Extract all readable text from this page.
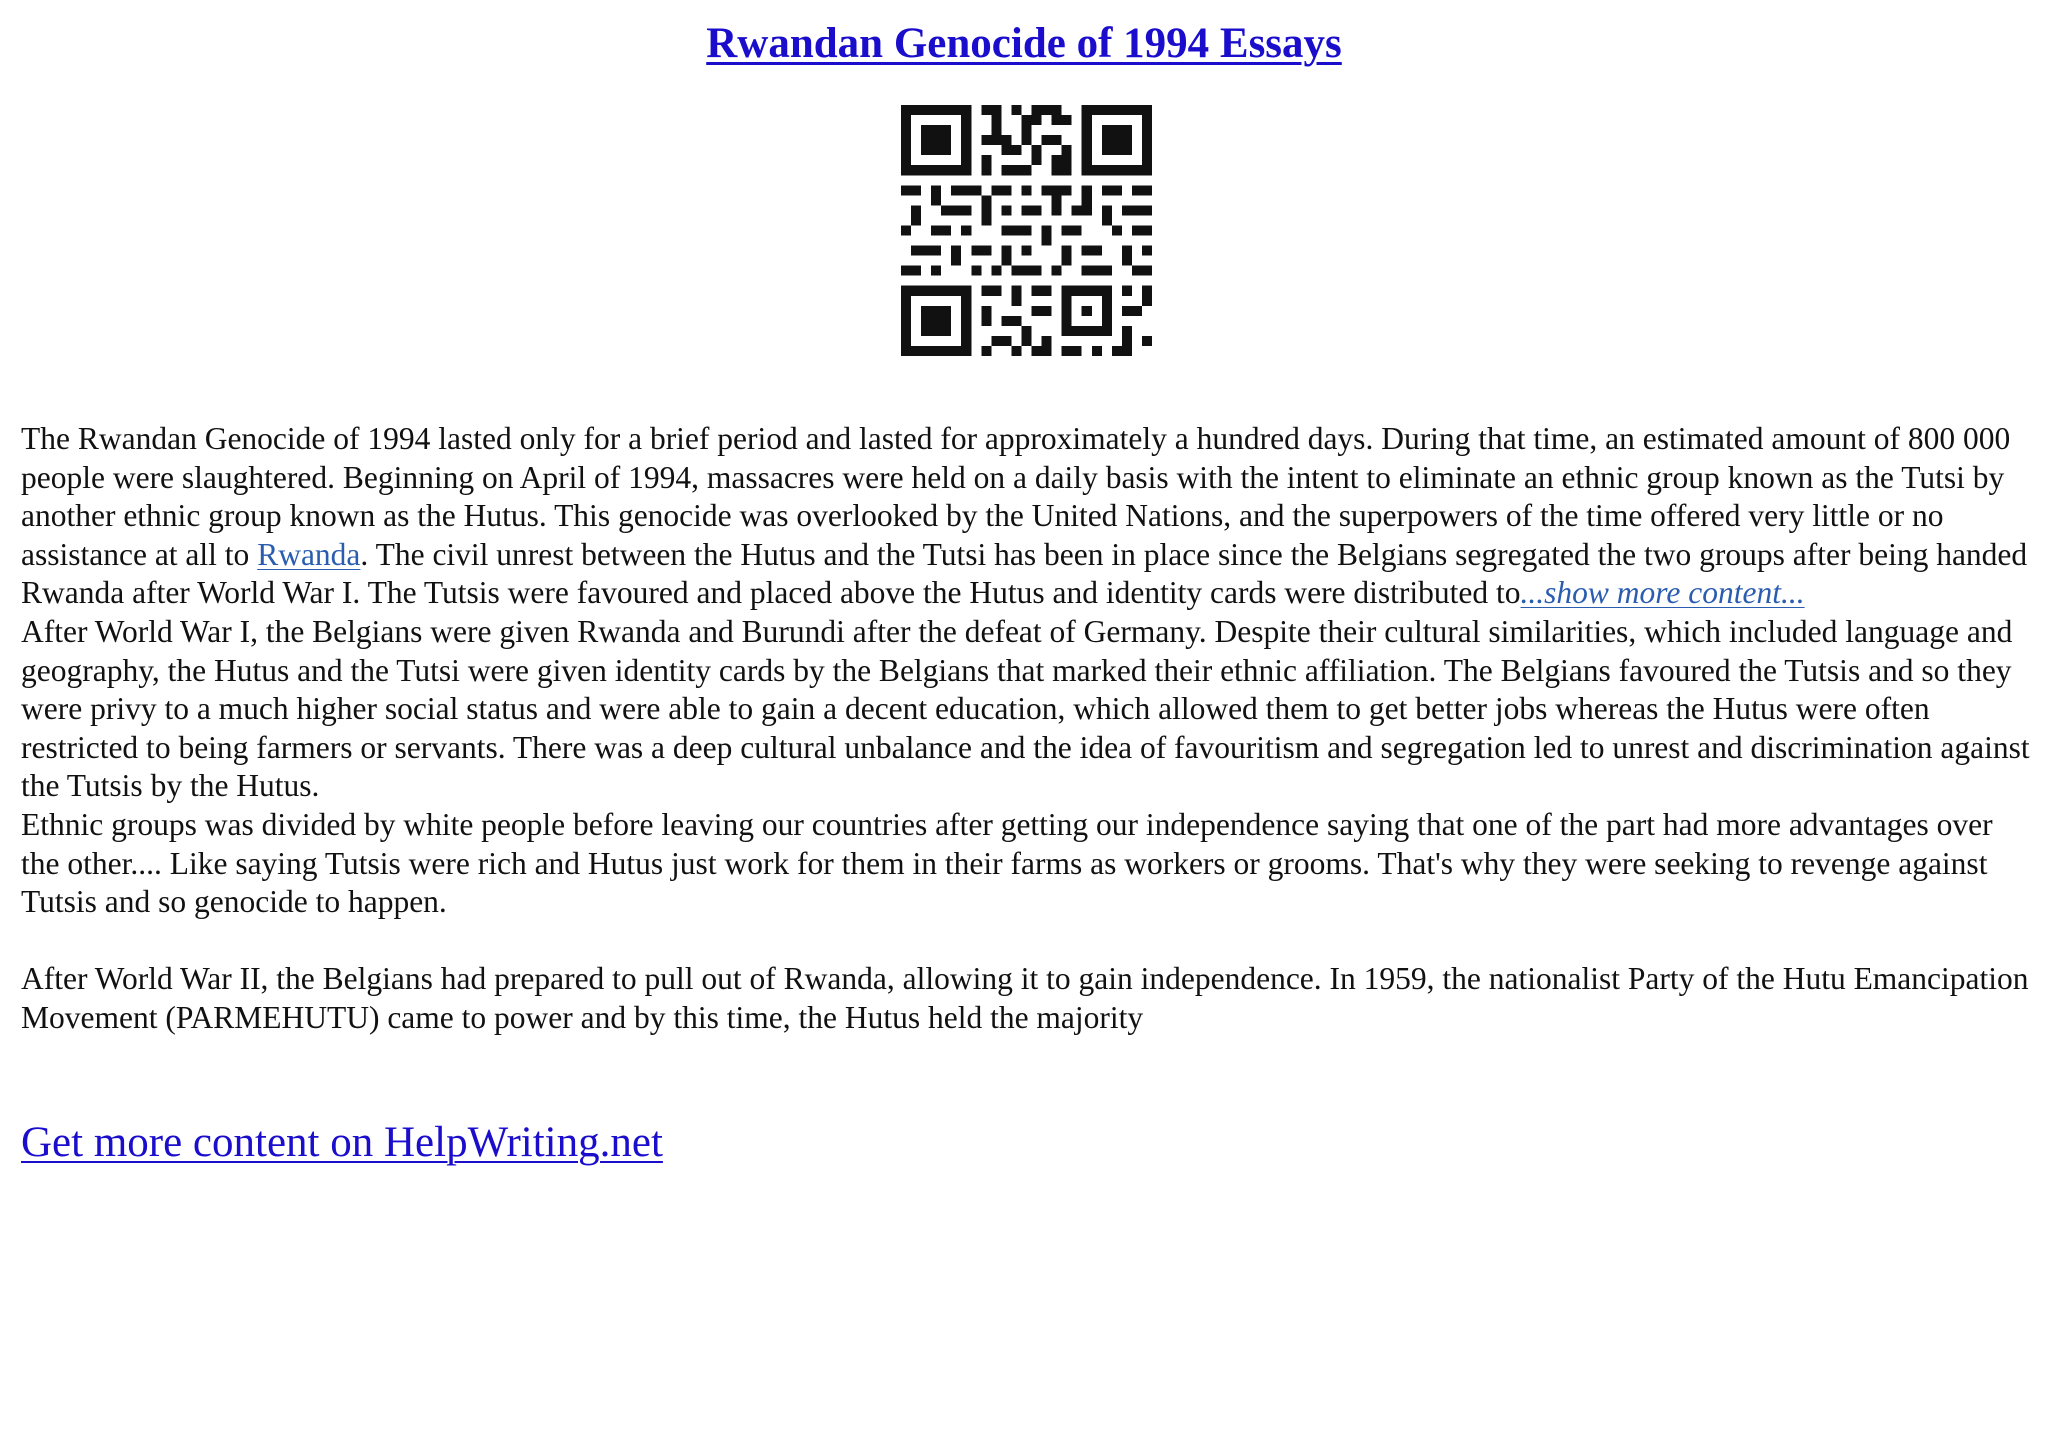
Rwandan Genocide of 1994 Essays

The Rwandan Genocide of 1994 lasted only for a brief period and lasted for approximately a hundred days. During that time, an estimated amount of 800 000 people were slaughtered. Beginning on April of 1994, massacres were held on a daily basis with the intent to eliminate an ethnic group known as the Tutsi by another ethnic group known as the Hutus. This genocide was overlooked by the United Nations, and the superpowers of the time offered very little or no assistance at all to Rwanda. The civil unrest between the Hutus and the Tutsi has been in place since the Belgians segregated the two groups after being handed Rwanda after World War I. The Tutsis were favoured and placed above the Hutus and identity cards were distributed to...show more content...

After World War I, the Belgians were given Rwanda and Burundi after the defeat of Germany. Despite their cultural similarities, which included language and geography, the Hutus and the Tutsi were given identity cards by the Belgians that marked their ethnic affiliation. The Belgians favoured the Tutsis and so they were privy to a much higher social status and were able to gain a decent education, which allowed them to get better jobs whereas the Hutus were often restricted to being farmers or servants. There was a deep cultural unbalance and the idea of favouritism and segregation led to unrest and discrimination against the Tutsis by the Hutus.

Ethnic groups was divided by white people before leaving our countries after getting our independence saying that one of the part had more advantages over the other.... Like saying Tutsis were rich and Hutus just work for them in their farms as workers or grooms. That's why they were seeking to revenge against Tutsis and so genocide to happen.

After World War II, the Belgians had prepared to pull out of Rwanda, allowing it to gain independence. In 1959, the nationalist Party of the Hutu Emancipation Movement (PARMEHUTU) came to power and by this time, the Hutus held the majority

Get more content on HelpWriting.net
